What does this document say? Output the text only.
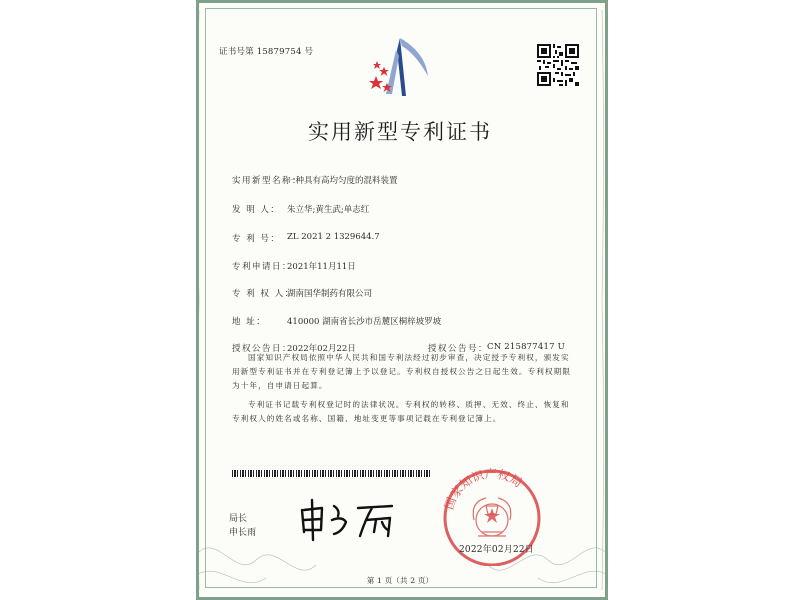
证书号第 15879754 号
实用新型专利证书
实用新型名称：
一种具有高均匀度的混料装置
发 明 人： 朱立华;黄生武;单志红
专 利 号： ZL 2021 2 1329644.7
专利申请日：
2021年11月11日
专 利 权 人：
湖南国华制药有限公司
地 址： 410000 湖南省长沙市岳麓区桐梓坡罗坡
授权公告日：
2022年02月22日	授权公告号：
CN 215877417 U
国家知识产权局依照中华人民共和国专利法经过初步审查，决定授予专利权，颁发实用新型专利证书并在专利登记簿上予以登记。专利权自授权公告之日起生效。专利权期限为十年，自申请日起算。
专利证书记载专利权登记时的法律状况。专利权的转移、质押、无效、终止、恢复和专利权人的姓名或名称、国籍、地址变更等事项记载在专利登记簿上。
局长
申长雨
国家知识产权局
2022年02月22日
第 1 页（共 2 页）
